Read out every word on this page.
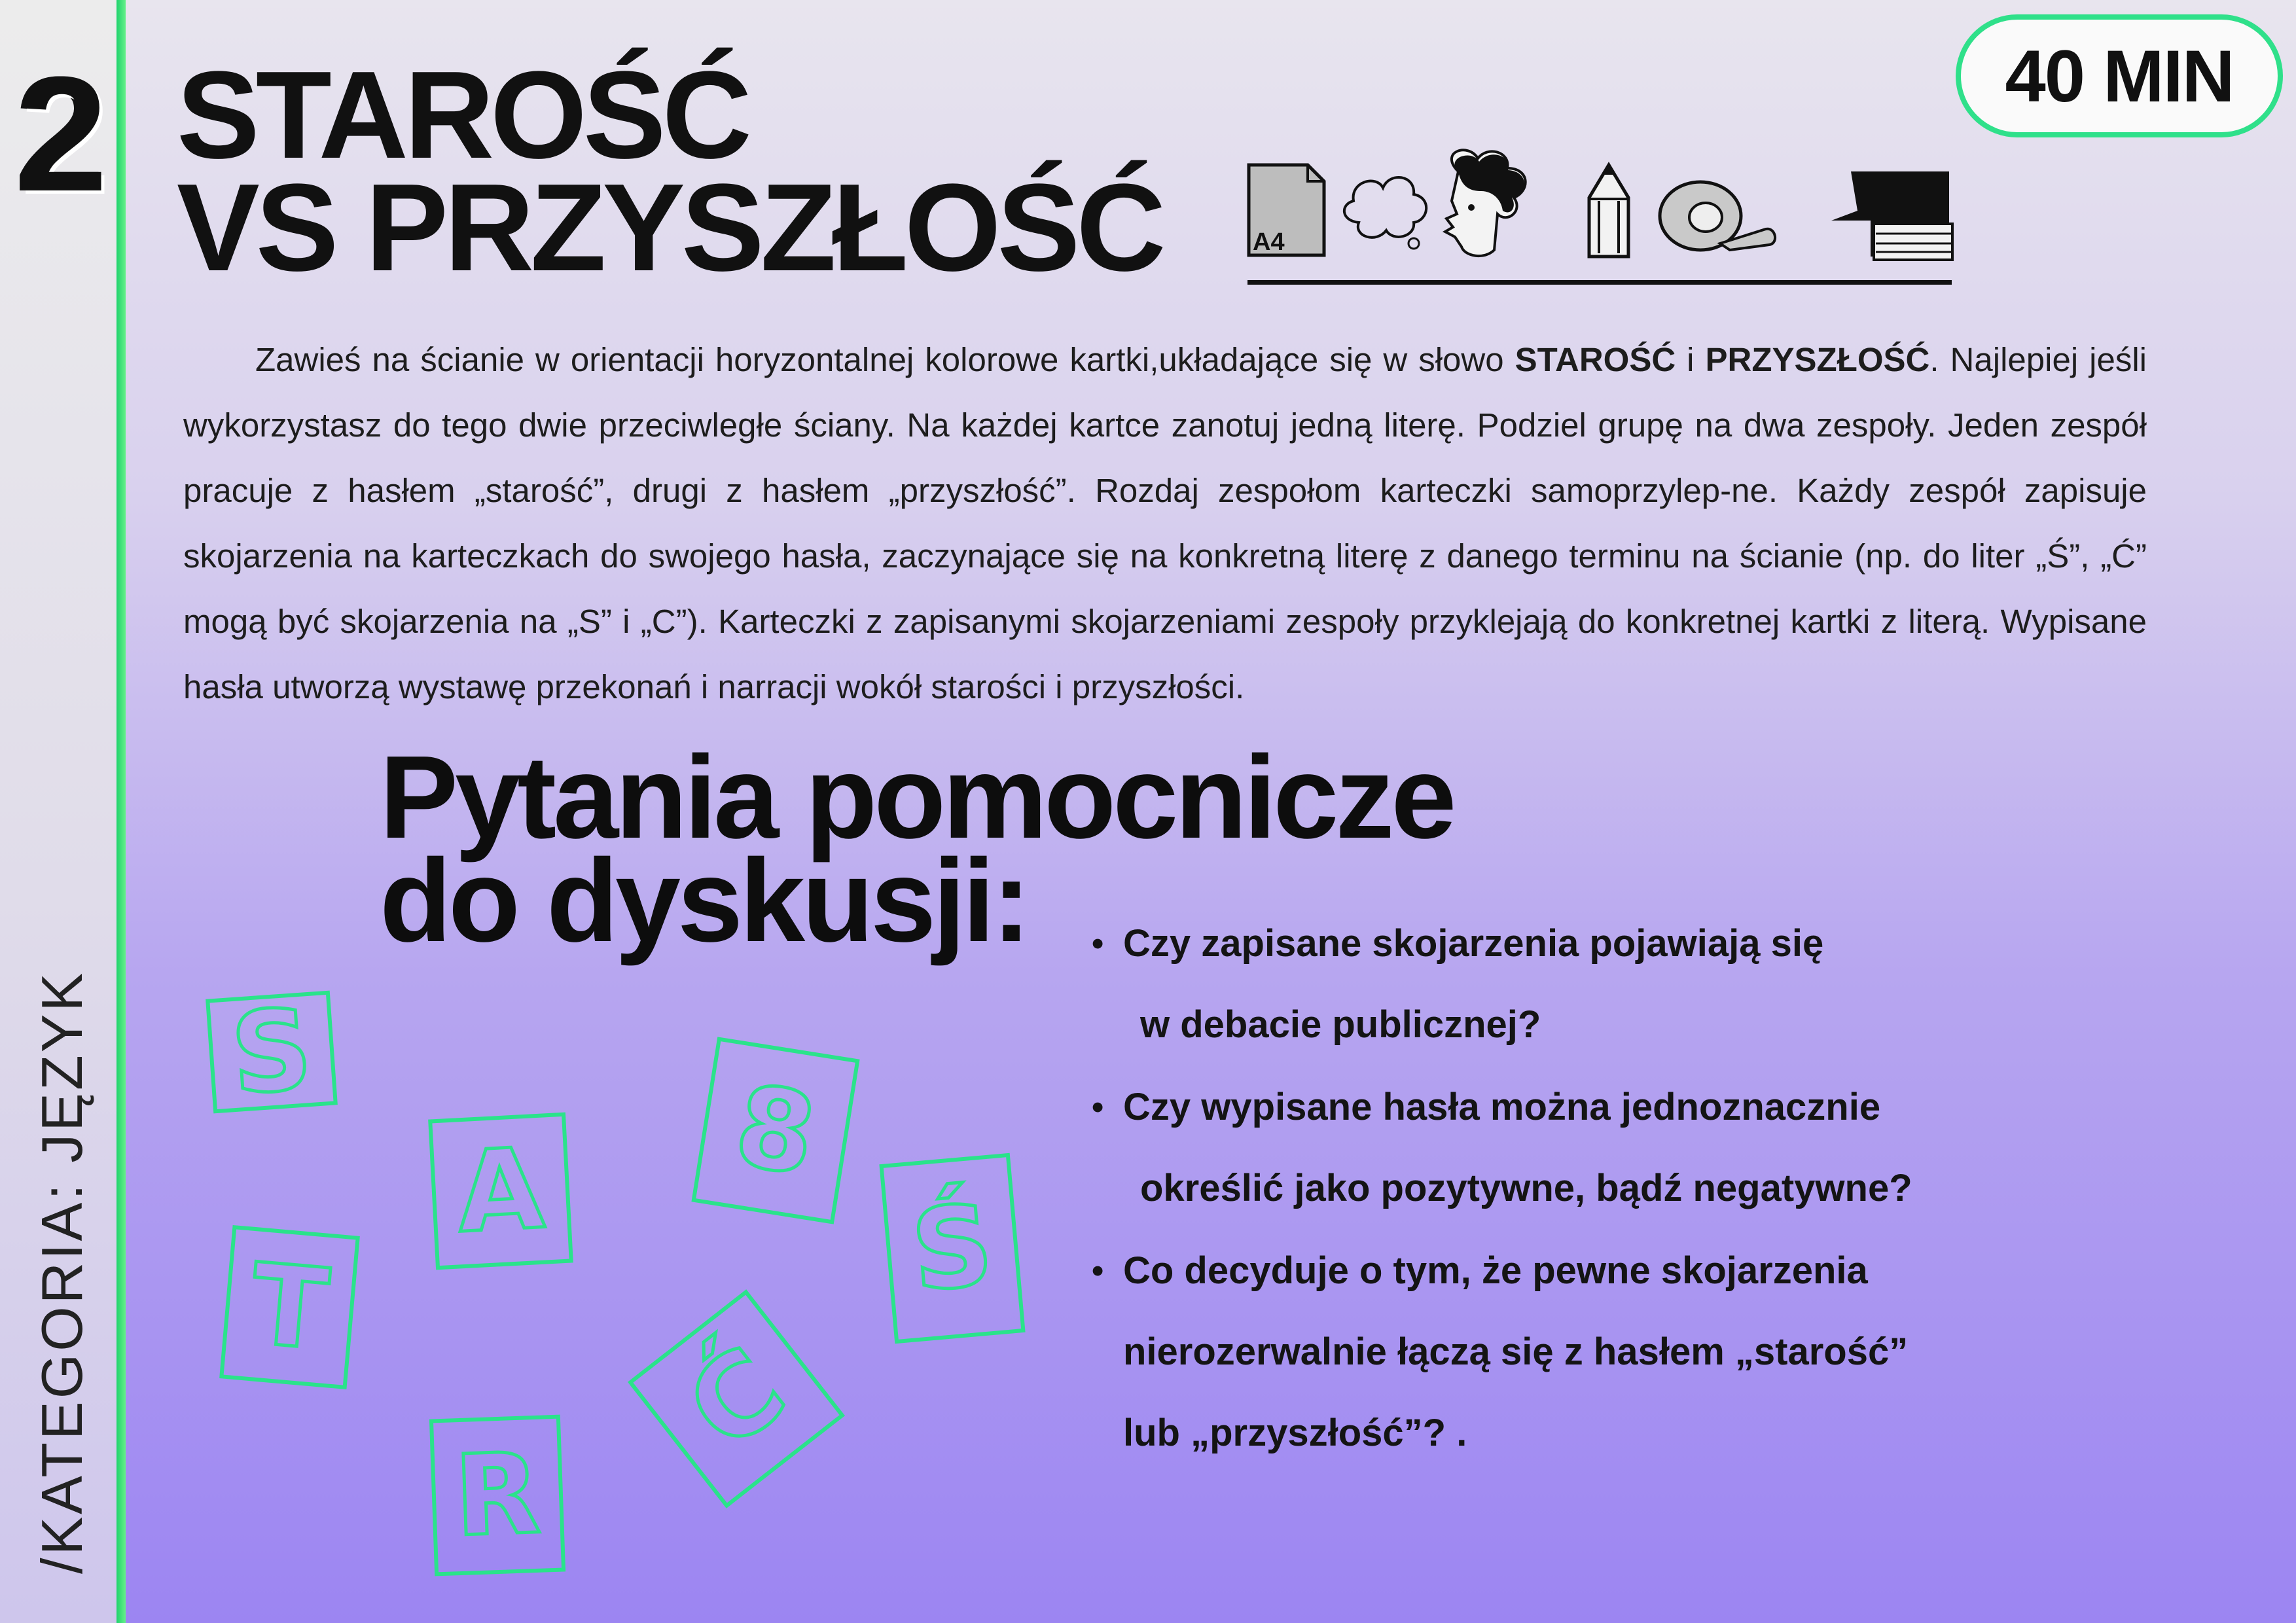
2
/KATEGORIA: JĘZYK
STAROŚĆ
VS PRZYSZŁOŚĆ
40 MIN
A4

Zawieś na ścianie w orientacji horyzontalnej kolorowe kartki,układające się w słowo STAROŚĆ i PRZYSZŁOŚĆ. Najlepiej jeśli wykorzystasz do tego dwie przeciwległe ściany. Na każdej kartce zanotuj jedną literę. Podziel grupę na dwa zespoły. Jeden zespół pracuje z hasłem „starość”, drugi z hasłem „przyszłość”. Rozdaj zespołom karteczki samoprzylep-ne. Każdy zespół zapisuje skojarzenia na karteczkach do swojego hasła, zaczynające się na konkretną literę z danego terminu na ścianie (np. do liter „Ś”, „Ć” mogą być skojarzenia na „S” i „C”). Karteczki z zapisanymi skojarzeniami zespoły przyklejają do konkretnej kartki z literą. Wypisane hasła utworzą wystawę przekonań i narracji wokół starości i przyszłości.

Pytania pomocnicze
do dyskusji:
•	Czy zapisane skojarzenia pojawiają się
w debacie publicznej?
• Czy wypisane hasła można jednoznacznie
określić jako pozytywne, bądź negatywne?
• Co decyduje o tym, że pewne skojarzenia
nierozerwalnie łączą się z hasłem „starość”
lub „przyszłość”? .
S
A 8
Ś
T
Ć
R
